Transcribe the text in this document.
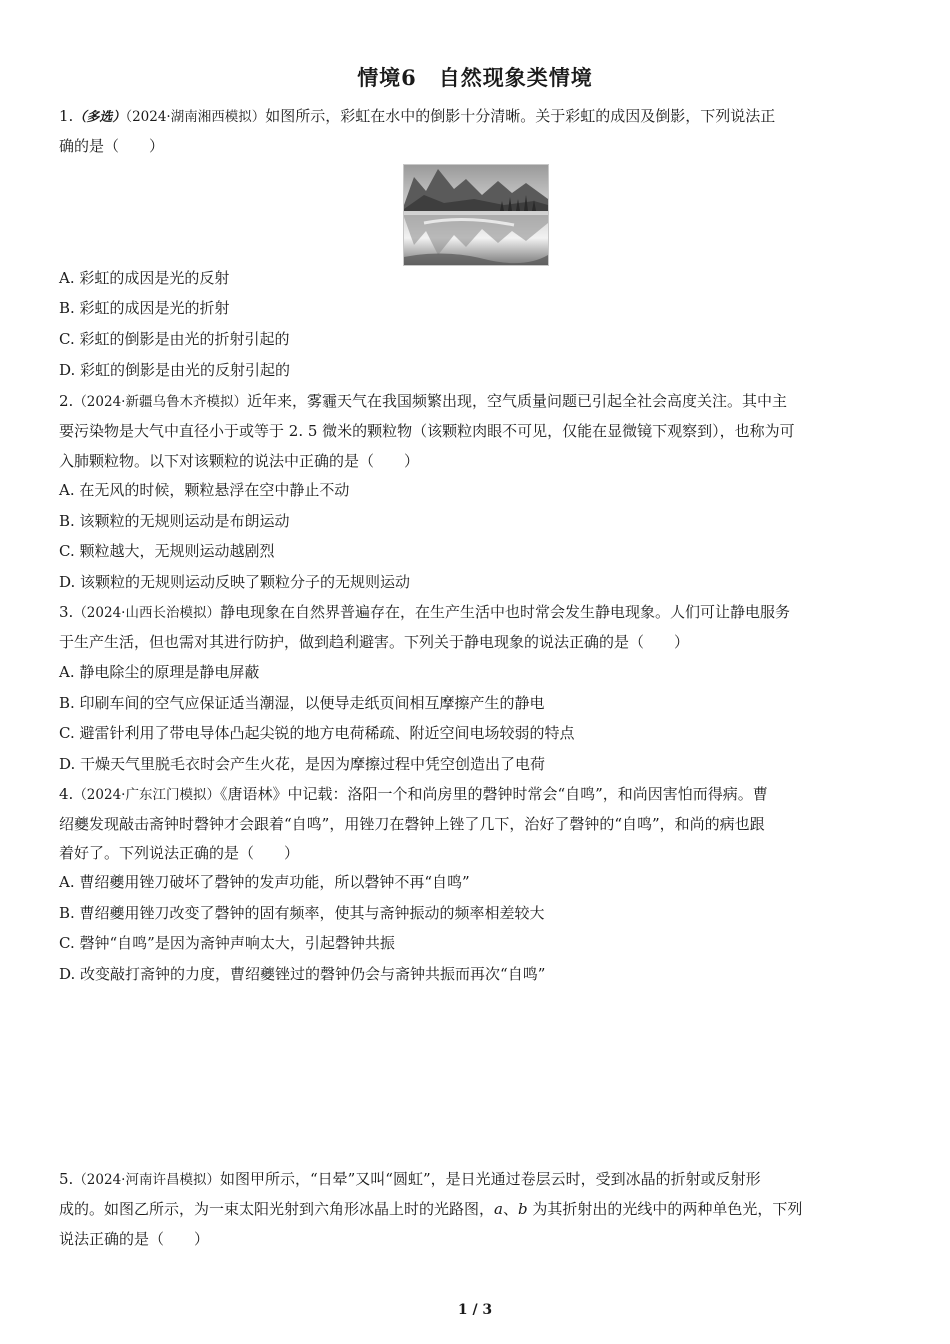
情境6　自然现象类情境
1.（多选）（2024·湖南湘西模拟）如图所示，彩虹在水中的倒影十分清晰。关于彩虹的成因及倒影，下列说法正
确的是（　　）
A. 彩虹的成因是光的反射
B. 彩虹的成因是光的折射
C. 彩虹的倒影是由光的折射引起的
D. 彩虹的倒影是由光的反射引起的
2.（2024·新疆乌鲁木齐模拟）近年来，雾霾天气在我国频繁出现，空气质量问题已引起全社会高度关注。其中主
要污染物是大气中直径小于或等于 2. 5 微米的颗粒物（该颗粒肉眼不可见，仅能在显微镜下观察到），也称为可
入肺颗粒物。以下对该颗粒的说法中正确的是（　　）
A. 在无风的时候，颗粒悬浮在空中静止不动
B. 该颗粒的无规则运动是布朗运动
C. 颗粒越大，无规则运动越剧烈
D. 该颗粒的无规则运动反映了颗粒分子的无规则运动
3.（2024·山西长治模拟）静电现象在自然界普遍存在，在生产生活中也时常会发生静电现象。人们可让静电服务
于生产生活，但也需对其进行防护，做到趋利避害。下列关于静电现象的说法正确的是（　　）
A. 静电除尘的原理是静电屏蔽
B. 印刷车间的空气应保证适当潮湿，以便导走纸页间相互摩擦产生的静电
C. 避雷针利用了带电导体凸起尖锐的地方电荷稀疏、附近空间电场较弱的特点
D. 干燥天气里脱毛衣时会产生火花，是因为摩擦过程中凭空创造出了电荷
4.（2024·广东江门模拟）《唐语林》中记载：洛阳一个和尚房里的磬钟时常会“自鸣”，和尚因害怕而得病。曹
绍夔发现敲击斋钟时磬钟才会跟着“自鸣”，用锉刀在磬钟上锉了几下，治好了磬钟的“自鸣”，和尚的病也跟
着好了。下列说法正确的是（　　）
A. 曹绍夔用锉刀破坏了磬钟的发声功能，所以磬钟不再“自鸣”
B. 曹绍夔用锉刀改变了磬钟的固有频率，使其与斋钟振动的频率相差较大
C. 磬钟“自鸣”是因为斋钟声响太大，引起磬钟共振
D. 改变敲打斋钟的力度，曹绍夔锉过的磬钟仍会与斋钟共振而再次“自鸣”
5.（2024·河南许昌模拟）如图甲所示，“日晕”又叫“圆虹”，是日光通过卷层云时，受到冰晶的折射或反射形
成的。如图乙所示，为一束太阳光射到六角形冰晶上时的光路图，a、b 为其折射出的光线中的两种单色光，下列
说法正确的是（　　）
1 / 3
